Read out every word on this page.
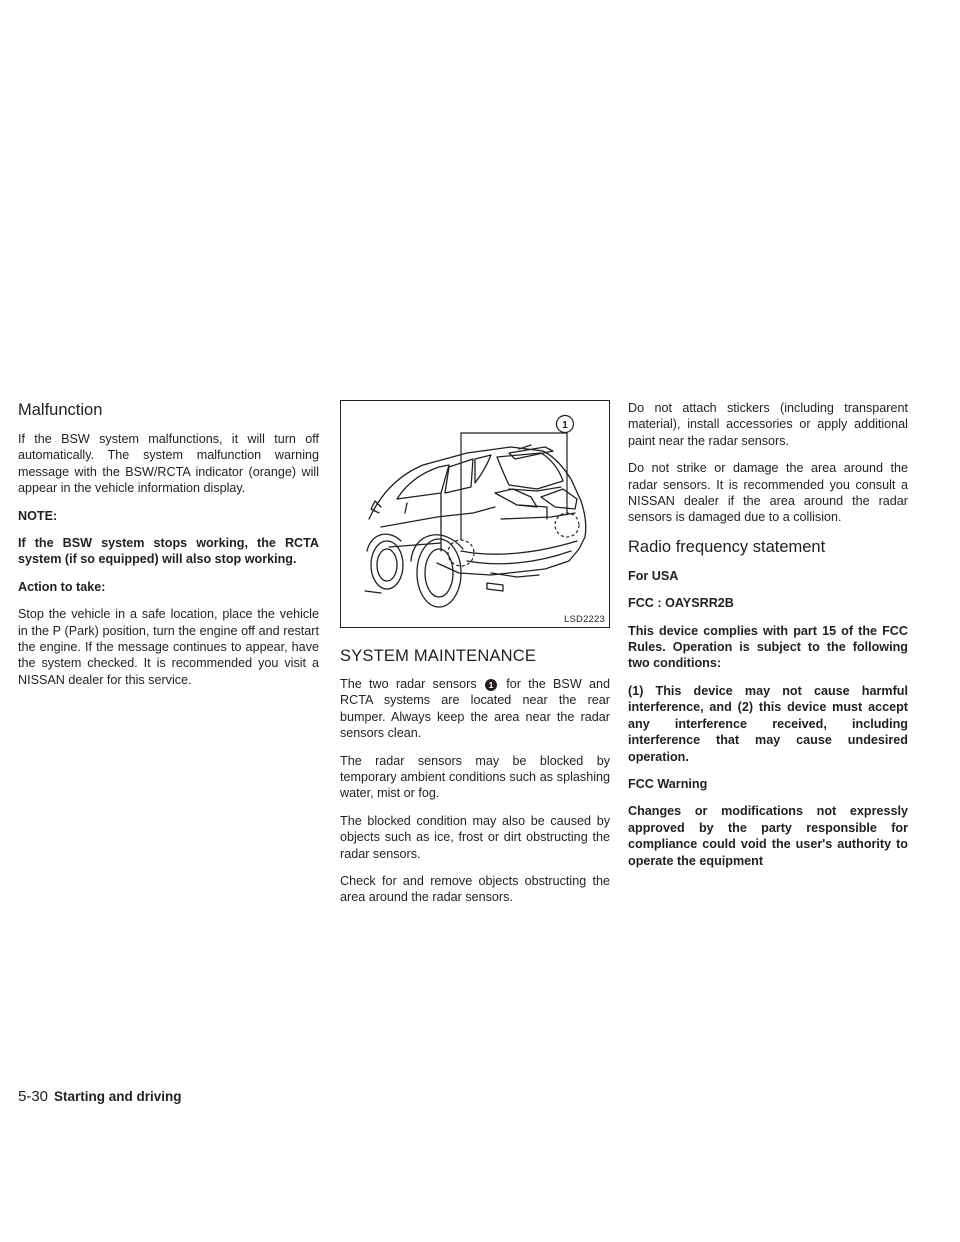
Malfunction

If the BSW system malfunctions, it will turn off automatically. The system malfunction warning message with the BSW/RCTA indicator (orange) will appear in the vehicle information display.

NOTE:

If the BSW system stops working, the RCTA system (if so equipped) will also stop working.

Action to take:

Stop the vehicle in a safe location, place the vehicle in the P (Park) position, turn the engine off and restart the engine. If the message continues to appear, have the system checked. It is recommended you visit a NISSAN dealer for this service.

1
LSD2223
SYSTEM MAINTENANCE

The two radar sensors 1 for the BSW and RCTA systems are located near the rear bumper. Always keep the area near the radar sensors clean.

The radar sensors may be blocked by temporary ambient conditions such as splashing water, mist or fog.

The blocked condition may also be caused by objects such as ice, frost or dirt obstructing the radar sensors.

Check for and remove objects obstructing the area around the radar sensors.

Do not attach stickers (including transparent material), install accessories or apply additional paint near the radar sensors.

Do not strike or damage the area around the radar sensors. It is recommended you consult a NISSAN dealer if the area around the radar sensors is damaged due to a collision.

Radio frequency statement

For USA

FCC : OAYSRR2B

This device complies with part 15 of the FCC Rules. Operation is subject to the following two conditions:

(1) This device may not cause harmful interference, and (2) this device must accept any interference received, including interference that may cause undesired operation.

FCC Warning

Changes or modifications not expressly approved by the party responsible for compliance could void the user's authority to operate the equipment

5-30 Starting and driving
